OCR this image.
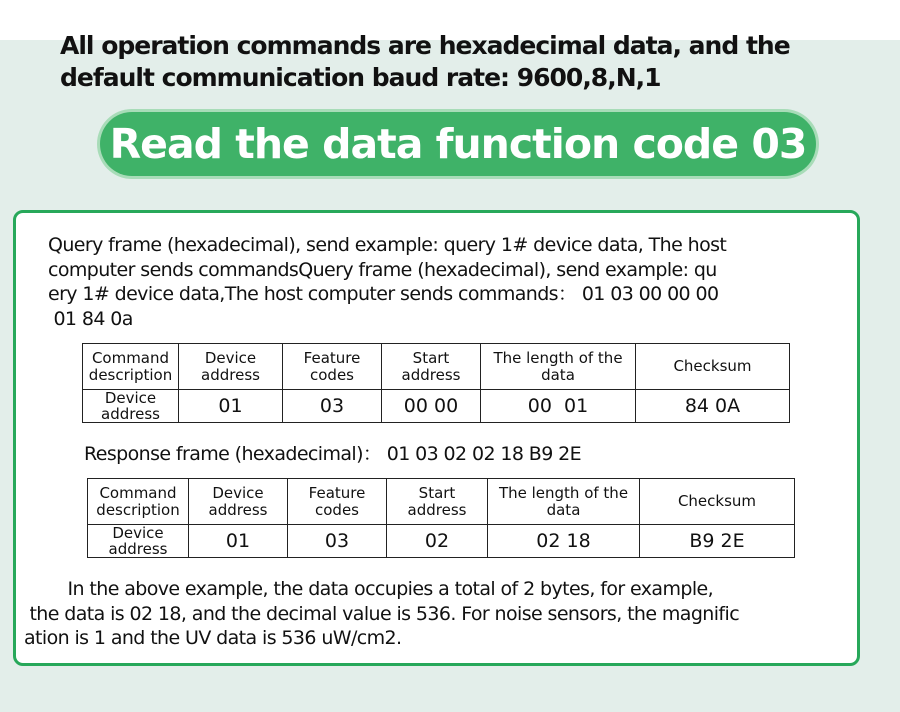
All operation commands are hexadecimal data, and the
default communication baud rate: 9600,8,N,1
Read the data function code 03
Query frame (hexadecimal), send example: query 1# device data, The host
computer sends commandsQuery frame (hexadecimal), send example: qu
ery 1# device data,The host computer sends commands： 01 03 00 00 00
01 84 0a
Command description	Device address	Feature codes	Start address	The length of the data	Checksum
Device address	01	03	00 00	00  01	84 0A
Response frame (hexadecimal)： 01 03 02 02 18 B9 2E
Command description	Device address	Feature codes	Start address	The length of the data	Checksum
Device address	01	03	02	02 18	B9 2E
In the above example, the data occupies a total of 2 bytes, for example,
the data is 02 18, and the decimal value is 536. For noise sensors, the magnific
ation is 1 and the UV data is 536 uW/cm2.
